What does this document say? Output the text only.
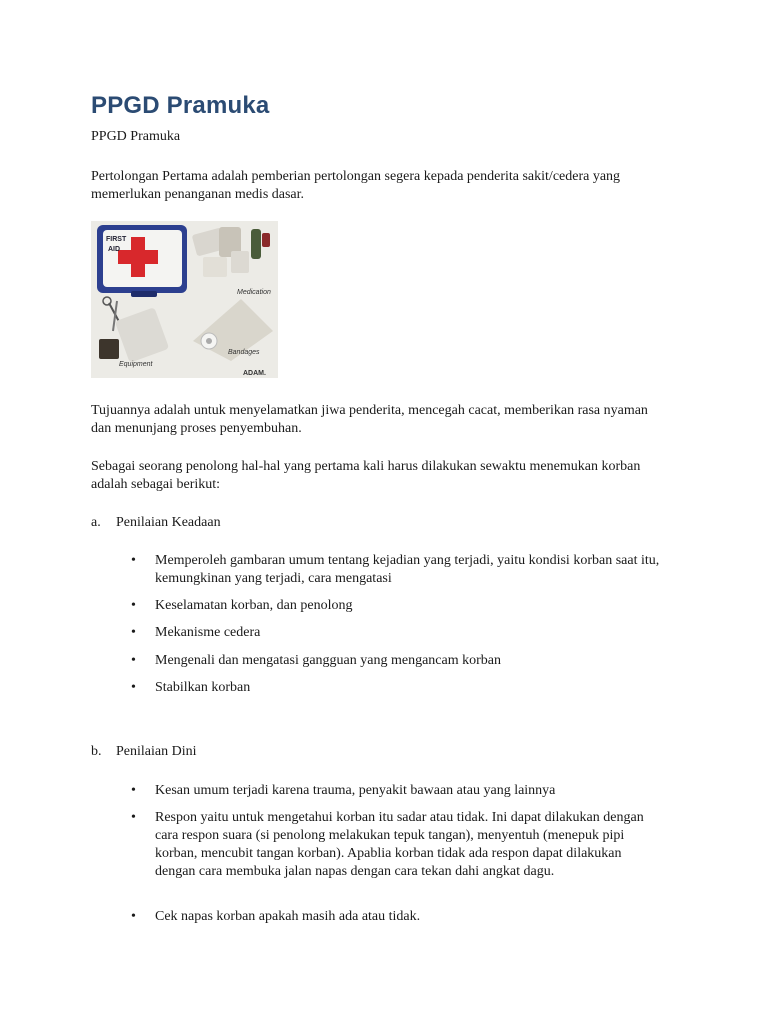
PPGD Pramuka

PPGD Pramuka

Pertolongan Pertama adalah pemberian pertolongan segera kepada penderita sakit/cedera yang memerlukan penanganan medis dasar.

FIRST
AID
Medication
Equipment
Bandages
ADAM.

Tujuannya adalah untuk menyelamatkan jiwa penderita, mencegah cacat, memberikan rasa nyaman dan menunjang proses penyembuhan.

Sebagai seorang penolong hal-hal yang pertama kali harus dilakukan sewaktu menemukan korban adalah sebagai berikut:

a. Penilaian Keadaan
• Memperoleh gambaran umum tentang kejadian yang terjadi, yaitu kondisi korban saat itu, kemungkinan yang terjadi, cara mengatasi
• Keselamatan korban, dan penolong
• Mekanisme cedera
• Mengenali dan mengatasi gangguan yang mengancam korban
• Stabilkan korban
b. Penilaian Dini
• Kesan umum terjadi karena trauma, penyakit bawaan atau yang lainnya
• Respon yaitu untuk mengetahui korban itu sadar atau tidak. Ini dapat dilakukan dengan cara respon suara (si penolong melakukan tepuk tangan), menyentuh (menepuk pipi korban, mencubit tangan korban). Apablia korban tidak ada respon dapat dilakukan dengan cara membuka jalan napas dengan cara tekan dahi angkat dagu.
• Cek napas korban apakah masih ada atau tidak.
